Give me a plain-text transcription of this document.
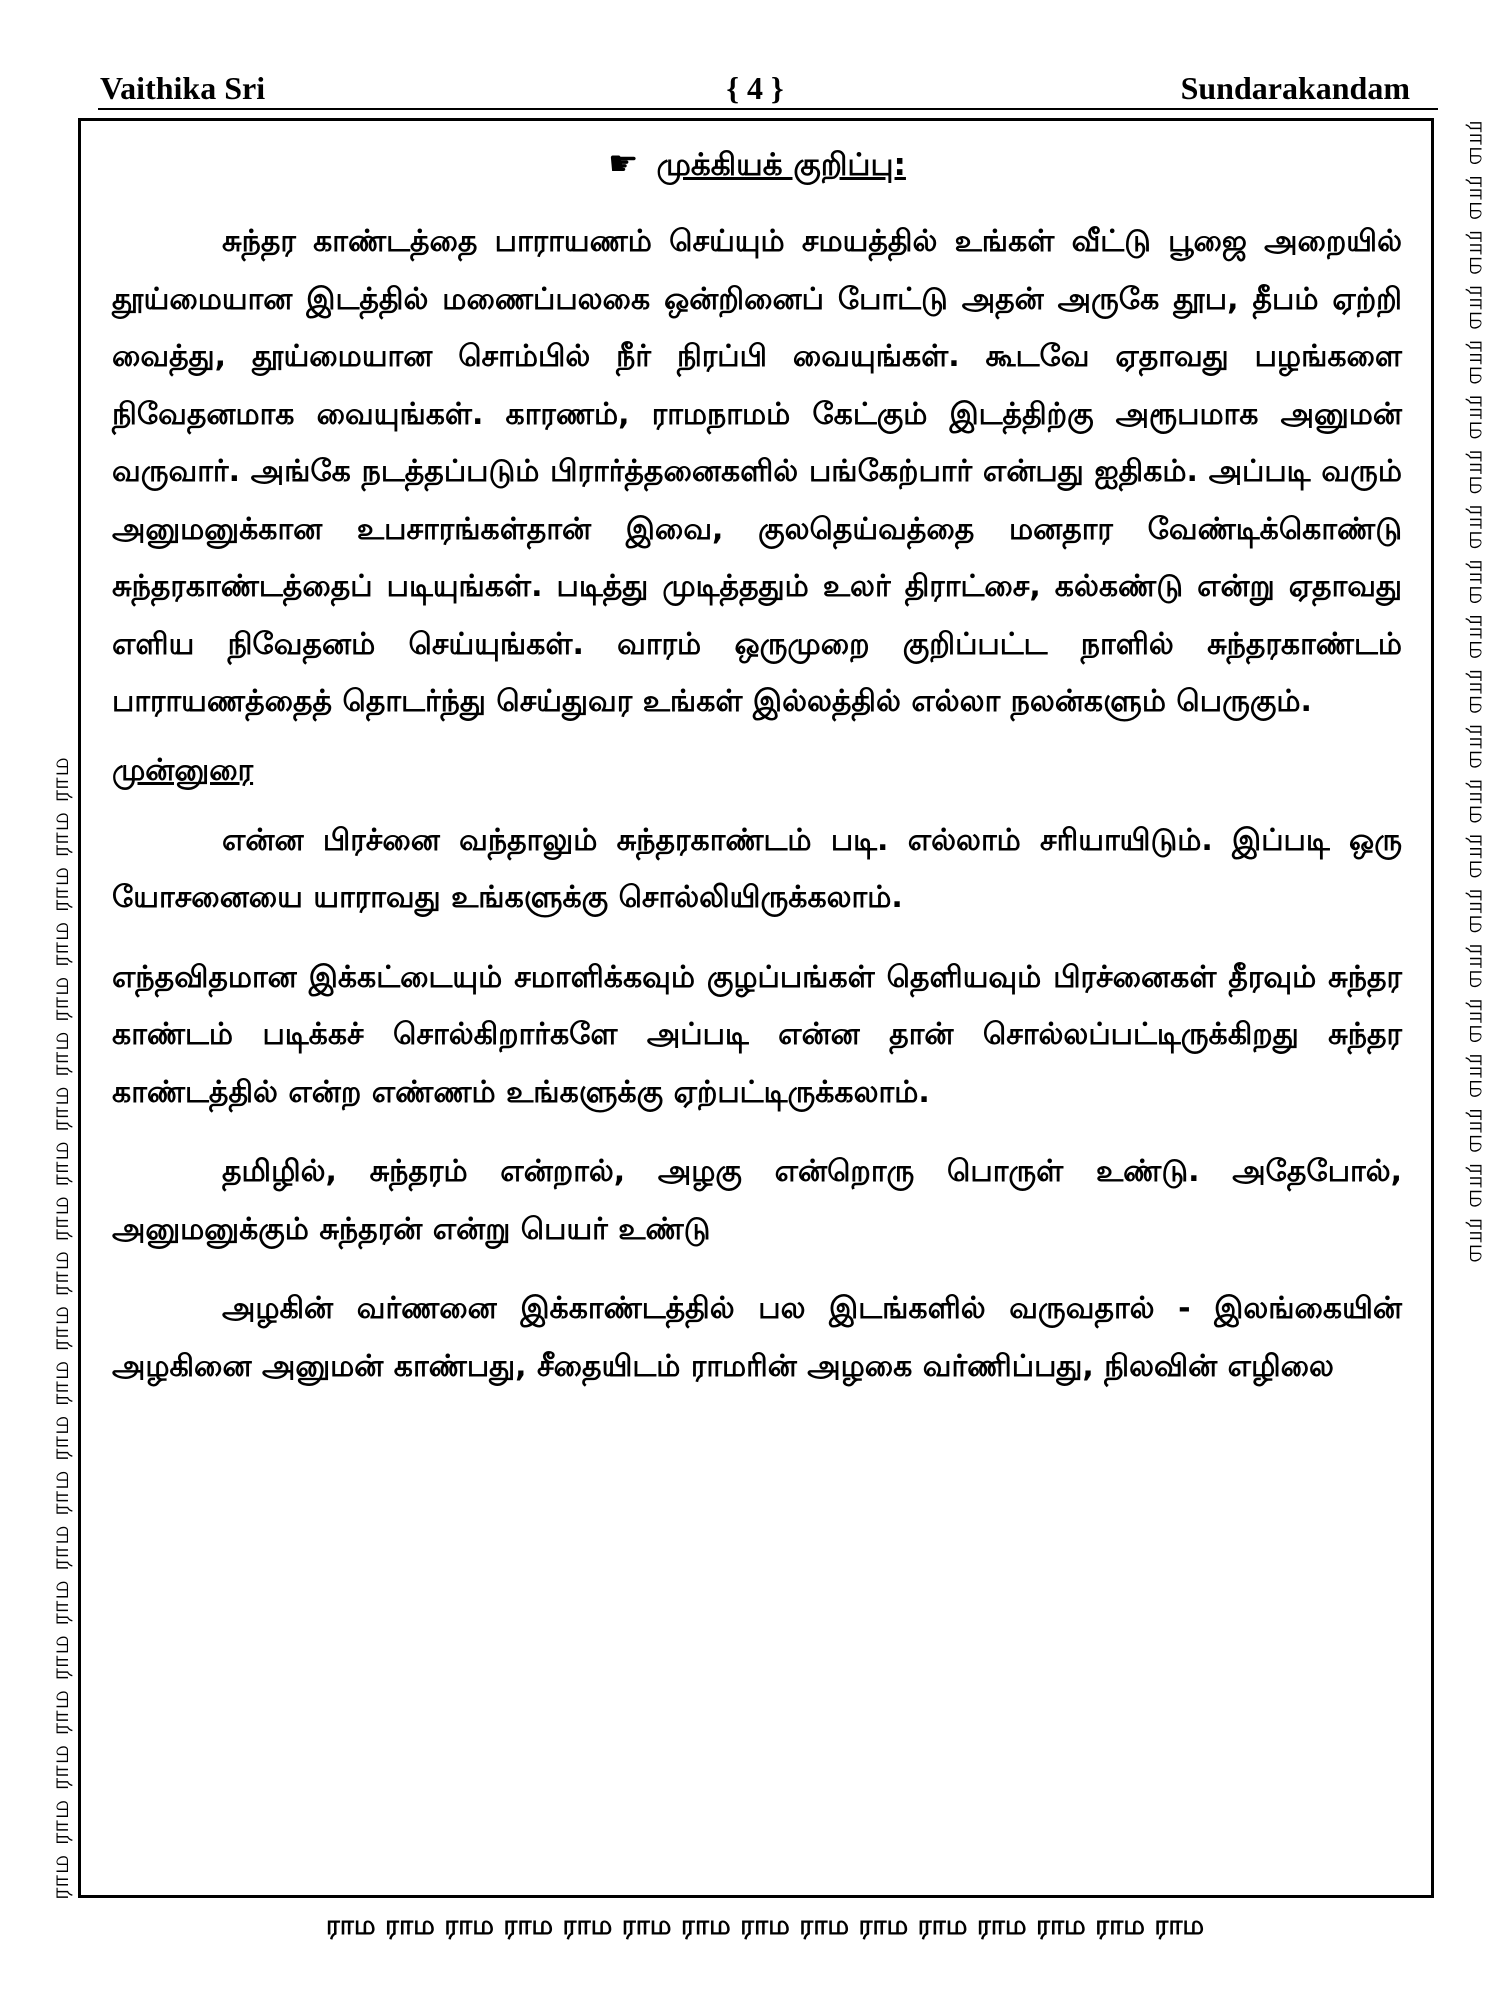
Vaithika Sri	{ 4 }	Sundarakandam
ராம ராம ராம ராம ராம ராம ராம ராம ராம ராம ராம ராம ராம ராம ராம ராம ராம ராம ராம ராம ராம
ராம ராம ராம ராம ராம ராம ராம ராம ராம ராம ராம ராம ராம ராம ராம ராம ராம ராம ராம ராம ராம
☛ முக்கியக் குறிப்பு:

சுந்தர காண்டத்தை பாராயணம் செய்யும் சமயத்தில் உங்கள் வீட்டு பூஜை அறையில் தூய்மையான இடத்தில் மணைப்பலகை ஒன்றினைப் போட்டு அதன் அருகே தூப, தீபம் ஏற்றி வைத்து, தூய்மையான சொம்பில் நீர் நிரப்பி வையுங்கள். கூடவே ஏதாவது பழங்களை நிவேதனமாக வையுங்கள். காரணம், ராமநாமம் கேட்கும் இடத்திற்கு அரூபமாக அனுமன் வருவார். அங்கே நடத்தப்படும் பிரார்த்தனைகளில் பங்கேற்பார் என்பது ஐதிகம். அப்படி வரும் அனுமனுக்கான உபசாரங்கள்தான் இவை, குலதெய்வத்தை மனதார வேண்டிக்கொண்டு சுந்தரகாண்டத்தைப் படியுங்கள். படித்து முடித்ததும் உலர் திராட்சை, கல்கண்டு என்று ஏதாவது எளிய நிவேதனம் செய்யுங்கள். வாரம் ஒருமுறை குறிப்பட்ட நாளில் சுந்தரகாண்டம் பாராயணத்தைத் தொடர்ந்து செய்துவர உங்கள் இல்லத்தில் எல்லா நலன்களும் பெருகும்.

முன்னுரை

என்ன பிரச்னை வந்தாலும் சுந்தரகாண்டம் படி. எல்லாம் சரியாயிடும். இப்படி ஒரு யோசனையை யாராவது உங்களுக்கு சொல்லியிருக்கலாம்.

எந்தவிதமான இக்கட்டையும் சமாளிக்கவும் குழப்பங்கள் தெளியவும் பிரச்னைகள் தீரவும் சுந்தர காண்டம் படிக்கச் சொல்கிறார்களே அப்படி என்ன தான் சொல்லப்பட்டிருக்கிறது சுந்தர காண்டத்தில் என்ற எண்ணம் உங்களுக்கு ஏற்பட்டிருக்கலாம்.

தமிழில், சுந்தரம் என்றால், அழகு என்றொரு பொருள் உண்டு. அதேபோல், அனுமனுக்கும் சுந்தரன் என்று பெயர் உண்டு

அழகின் வர்ணனை இக்காண்டத்தில் பல இடங்களில் வருவதால் - இலங்கையின் அழகினை அனுமன் காண்பது, சீதையிடம் ராமரின் அழகை வர்ணிப்பது, நிலவின் எழிலை

ராம ராம ராம ராம ராம ராம ராம ராம ராம ராம ராம ராம ராம ராம ராம
